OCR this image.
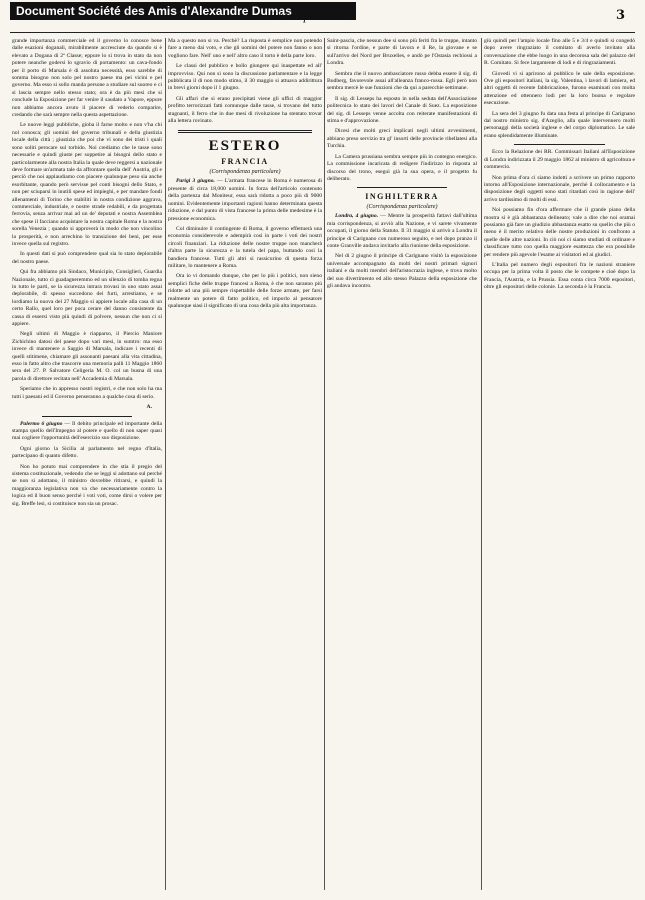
Document Société des Amis d'Alexandre Dumas
L' Indipendente	3

grande importanza commerciale ed il governo lo conosce bene dalle esazioni doganali, mirabilmente accresciute da quando si è elevato a Dogana di 2ª Classe; eppure lo si trova in stato da non potere neanche godersi lo sgravio di portamento: un cava-fondo per il porto di Marsala è di assoluta necessità, esso sarebbe di somma bisogno non solo pel nostro paese ma pei vicini e pel governo. Ma esso si sollo manda persone a studiare sul suoreo e ci si lascia sempre nello stesso stato; ora è da più mesi che si conclude la Esposizione per far venire il saudato a Vapore, eppure non abbiamo ancora avuto il piacere di vederlo comparire, credando che sarà sempre nella questa aspettazione.

Le nuove leggi pubbliche, gioba il farne molto e non v'ha chi nol conosca; gli uomini del governo tribunali e della giustizia locale della città ; giustizia che poi che vi sono dei tristi i quali sono soliti perocare sul torbido. Noi crediamo che le tasse sono necessarie e quindi giuste per soppetire ai bisogni dello stato e particolarmente alla nostra Italia la quale deve reggersi a nazionale deve formare un'armata tale da affrontare quella dell' Austria, gli e perciò che noi applaudiamo con piacere qualunque peso sia anche esorbitante, quando però servisse pel conti bisogni dello Stato, e non per sciuparsi in inutili spese ed impieghi, e per mandare fondi allenamenti di Torino che stabiliti in nostra condizione aggrava, commerciale, industriale, e nostre strade redabili, e da progettata ferrovia, senza arrivar mai ad un de' deputati e nostra Assemblea che spese il facciano acquistare la nostra capitale Roma e la nostra sorella Venezia ; quando si approverà in modo che non vincolino la prosperità, e non arrechino lo transizione dei beni, per esse invece quella sul registro.

In questi dati si può comprendere qual sia lo stato deplorabile del nostro paese.

Qui fra abbiamo più Sindaco, Municipio, Consiglieri, Guardia Nazionale, tutto ci guadagneremmo ed un silenzio di tomba regna in tutto le parti, se la sicurezza intrara trovasi in uno stato assai deplorabile, di spesso succedono dei furti, arrestiamo, e se lordiamo la nuova del 27 Maggio si appiere locale alla casa di un certo Rallo, quel loro per poca cerare del danno consistente da cassa di essersi visto più quindi di polvere, nessun che non ci si appiere.

Negli ultimi di Maggio è riapparso, il Piercio Maniore Zichichino datosi del paese dopo vari mesi, in sumtro: ma esso invece di mantenere a Saggio di Marsala, indicare i recenti di quelli stitimene, chiamare gli assonanti paesani alla vita cittadina, esso in fatto altro che trascorre una memoria palli 11 Maggio 1860 sera del 27. P. Salvatore Celigeria M. O. col un busna di una parola di direttore recitata nell' Accademia di Marsala.

Speriamo che in appresso nostri registri, e che non solo ha ma tutti i paesani ed il Governo penseranno a qualche cosa di serio.

A.

Palermo 6 giugno — Il debito principale ed importante della stampa quello dell'Impegno al potere e quello di non saper quasi mai cogliere l'opportunità dell'esercizio suo disposizione.

Ogni giorno la Sicilia al parlamento nel regno d'Italia, partecipano di quanto difetto.

Non ho potuto mai comprendere in che stia il pregio del sistema costituzionale, vedendo che se leggi si adottano sul perché se non si adottano, il ministro dovrebbe ritirarsi, e quindi la maggioranza legislativa non va che necessariamente contro la logica ed il buon senso perché i voti voti, come dirsi o volere per sig. Breffe lesi, si costituisce non sia un prosac.

Ma a questo non si va. Perchè? La risposta è semplice non potendo fare a meno dai voto, e che gli uomini del potere non fanno o non vogliono fare. Nell' uno e nell' altro caso il torto è della parte loro.

Le classi del pubblico e bollo giungere qui inaspettate ed all' improvviso. Qui non si sono la discussione parlamentare e la legge pubblicata il di non modo stimo, il 30 maggio si attuava addirittura in brevi giorni dopo il 1 giugno.

Gli affari che si erano precipitati viene gli uffici di maggior profitto terrorizzati fatti comunque dalle tasse, si trovano del tutto stagnanti, il ferro che in due mesi di rivoluzione ha stentato trovar alla lettera rovinato.

ESTERO
FRANCIA
(Corrispondenza particolare)

Parigi 3 giugno. — L'armata francese in Roma è numerosa di presente di circa 18,000 uomini. In forza dell'articolo contenuto della partenza dal Moniteur, essa sarà ridotta a poco più di 9000 uomini. Evidentemente importanti ragioni hanno determinata questa riduzione, e dal punto di vista francese la prima delle medesime è la pressione economica.

Col diminuire il contingente di Roma, il governo effettuerà una economia considerevole e adempirà così in parte i voti dei nostri circoli finanziari. La riduzione delle nostre truppe non mancherà d'altra parte la sicurezza e la tutela del papa, buttando così la bandiera francese. Tutti gli altri si rassicurino di questa forza militare, lo mantenere a Roma.

Ora io vi domando dunque, che per lo più i politici, non sieno semplici fiche delle truppe francesi a Roma, è che non saranno più ridotte ad una più sempre rispettabile delle forze armate, per farsi realmente un potere di fatto politico, ed imporlo al pensatore qualunque siasi il significato di una cosa della più alta importanza.

Saint-pascia, che nessun dee si sono più feriti fra le truppe, intanto si ritorna l'ordine, e parte di lavora e il Re, la giovane e se sull'arrivo del Nord per Bruxelles, e andò pe l'Ostasia rechiossi a Londra.

Sembra che il nuovo ambasciatore russo debba essere il sig. di Budberg, favorevole assai all'alleanza franco-russa. Egli però non sembra mercè le sue funzioni che da qui a parecchie settimane.

Il sig. di Lesseps ha esposto in nella seduta dell'Associazione politecnica lo stato dei lavori del Canale di Suez. La esposizione del sig. di Lesseps venne accolta con reiterate manifestazioni di stima e d'approvazione.

Dicesi che molti greci implicati negli ultimi avvenimenti, abbiano preso servizio tra gl' insorti delle provincie ribellatesi alla Turchia.

La Camera prussiana sembra sempre più in contegno energico. La commissione incaricata di redigere l'indirizzo in risposta al discorso del trono, eseguì già la sua opera, e il progetto fu deliberato.

INGHILTERRA
(Corrispondenza particolare)

Londra, 4 giugno. — Mentre la prosperità fattavi dall'ultima mia corrispondenza, si avviò alla Nazione, e vi sarete vivamente occupati, il giorno della Statuto. Il 31 maggio si arrivò a Londra il principe di Carignano con numeroso seguito, e nel dopo pranzo il conte Granville andava invitarlo alla riunione della esposizione.

Nel di 2 giugno il principe di Carignano visitò la esposizione universale accompagnato da molti dei nostri primari signori italiani e da molti membri dell'aristocrazia inglese, e trova molto del suo divertimento ed allo stesso Palazzo della esposizione che gli andava incontro.

giù quindi per l'ampio locale fino alle 5 e 3/4 e quindi si congedò dopo avere ringraziato il comitato di averlo invitato alla conversazione che ebbe luogo in una decorosa sala del palazzo del R. Comitato. Si fece largamente di lodi e di ringraziamenti.

Giovedi vi si aprirono al pubblico le sale della esposizione. Ove gli espositori italiani, la sig. Valentina, i lavori di lamiera, ed altri oggetti di recente fabbricazione, furono esaminati con molta attenzione ed ottennero lodi per la loro buona e regolare esecuzione.

La sera del 3 giugno fu data una festa al principe di Carignano dal nostro ministro sig. d'Azeglio, alla quale intervennero molti personaggi della società inglese e del corpo diplomatico. Le sale erano splendidamente illuminate.

Ecco la Relazione dei RR. Commissari Italiani all'Esposizione di Londra indirizzata il 29 maggio 1862 al ministro di agricoltura e commercio.

Non prima d'ora ci siamo indotti a scrivere un primo rapporto intorno all'Esposizione internazionale, perchè il collocamento e la disposizione degli oggetti sono stati ritardati così in ragione dell' arrivo tardissimo di molti di essi.

Noi possiamo fin d'ora affermare che il grande piano della mostra si è già abbastanza delineato; vale a dire che noi oramai possiamo già fare un giudizio abbastanza esatto su quello che più o meno è il merito relativo delle nostre produzioni in confronto a quelle delle altre nazioni. In ciò noi ci siamo studiati di ordinare e classificare tutto con quella maggiore esattezza che era possibile per rendere più agevole l'esame ai visitatori ed ai giudici.

L'Italia pel numero degli espositori fra le nazioni straniere occupa per la prima volta il posto che le compete e cioè dopo la Francia, l'Austria, e la Prussia. Essa conta circa 7000 espositori, oltre gli espositori delle colonie. La seconda è la Francia.
